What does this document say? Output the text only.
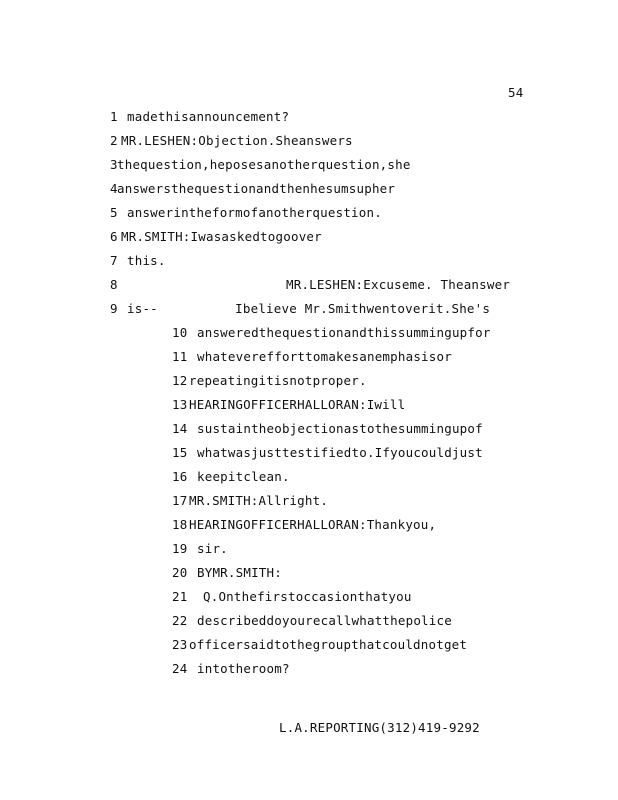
54
1 madethisannouncement?
2 MR.LESHEN:Objection.Sheanswers
3 thequestion,heposesanotherquestion,she
4 answersthequestionandthenhesumsupher
5 answerintheformofanotherquestion.
6 MR.SMITH:Iwasaskedtogoover
7 this.
8	MR.LESHEN:Excuseme. Theanswer
9 is--          Ibelieve Mr.Smithwentoverit.She's
10 answeredthequestionandthissummingupfor
11 whateverefforttomakesanemphasisor
12 repeatingitisnotproper.
13 HEARINGOFFICERHALLORAN:Iwill
14 sustaintheobjectionastothesummingupof
15 whatwasjusttestifiedto.Ifyoucouldjust
16 keepitclean.
17 MR.SMITH:Allright.
18 HEARINGOFFICERHALLORAN:Thankyou,
19 sir.
20 BYMR.SMITH:
21 Q.Onthefirstoccasionthatyou
22 describeddoyourecallwhatthepolice
23 officersaidtothegroupthatcouldnotget
24 intotheroom?
L.A.REPORTING(312)419-9292
